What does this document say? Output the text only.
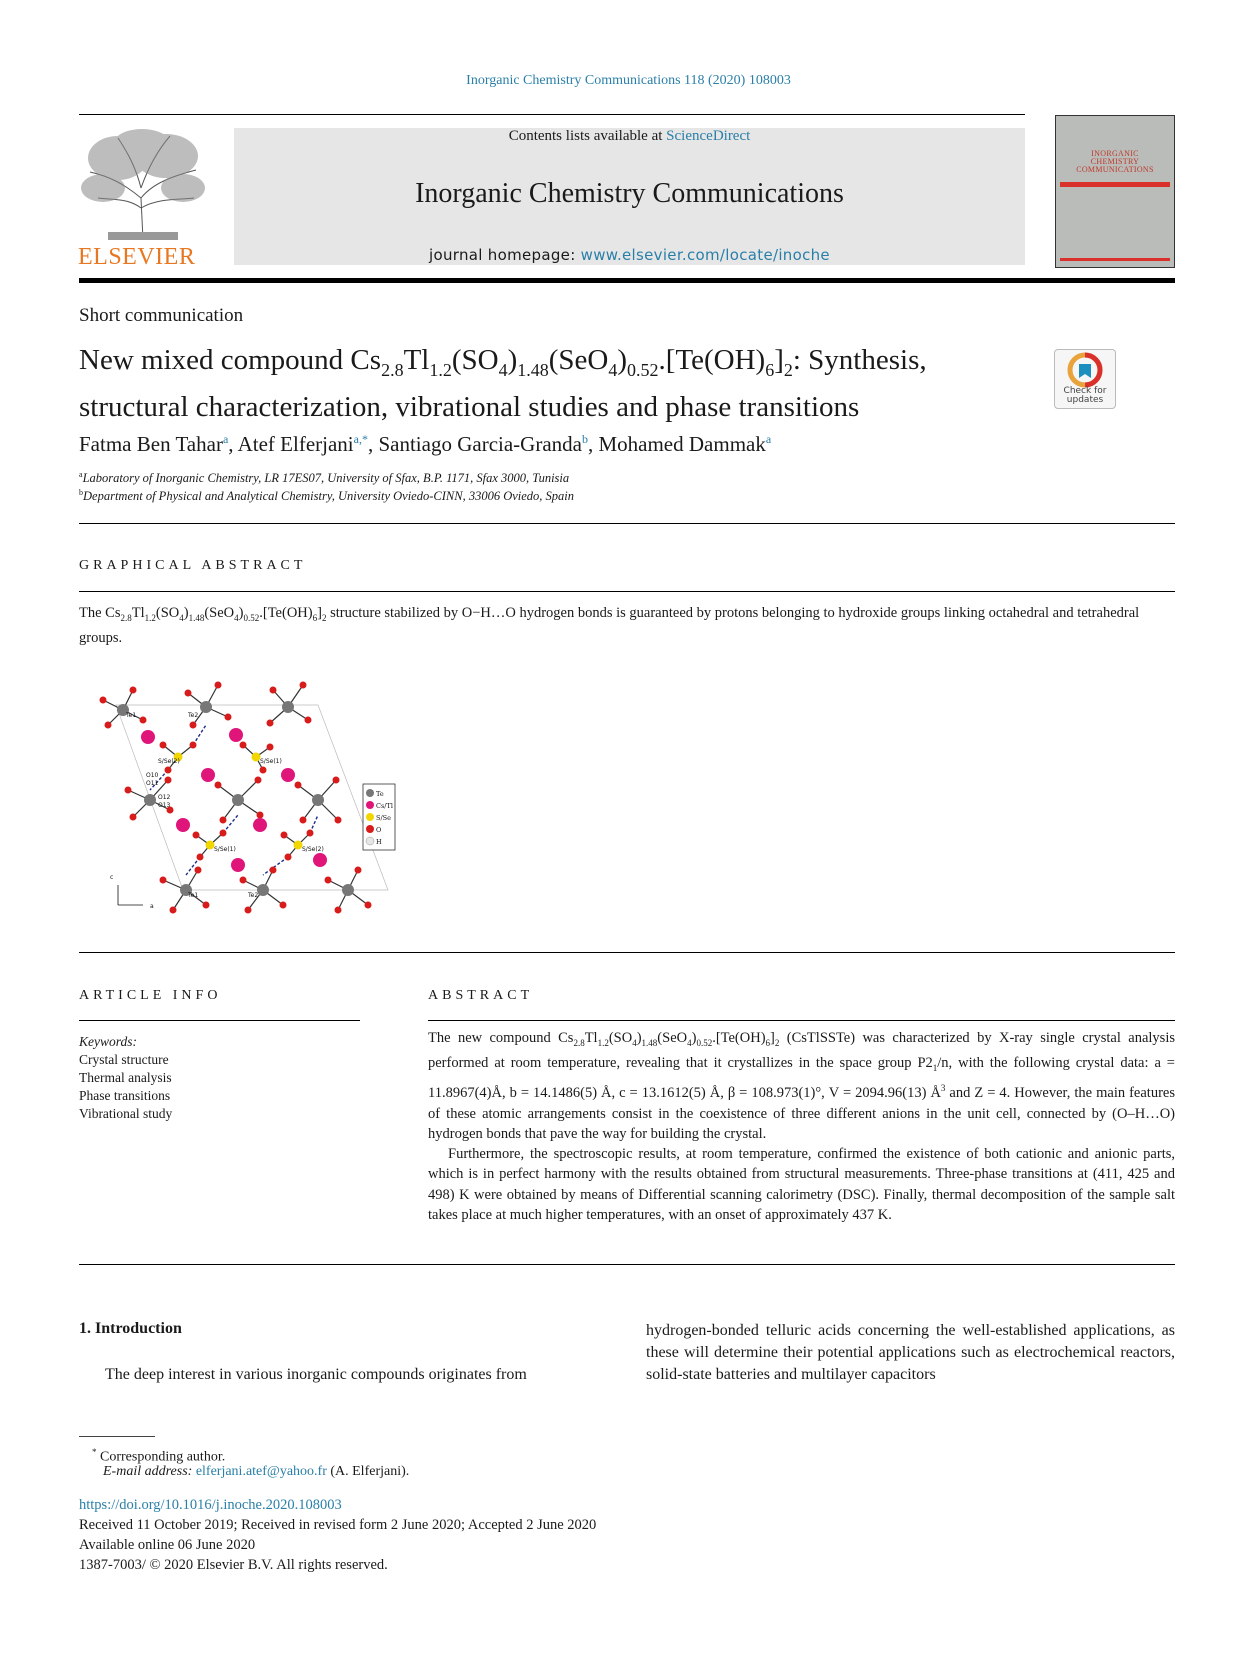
Inorganic Chemistry Communications 118 (2020) 108003
ELSEVIER
Contents lists available at ScienceDirect
Inorganic Chemistry Communications
journal homepage: www.elsevier.com/locate/inoche
INORGANIC
CHEMISTRY
COMMUNICATIONS
Short communication
New mixed compound $Cs_{2.8}Tl_{1.2}(SO_4)_{1.48}(SeO_4)_{0.52}.[Te(OH)_6]_2$: Synthesis, structural characterization, vibrational studies and phase transitions	Check for updates
Fatma Ben Tahar$^a$, Atef Elferjani$^{a,*}$, Santiago Garcia-Granda$^b$, Mohamed Dammak$^a$
$^a$Laboratory of Inorganic Chemistry, LR 17ES07, University of Sfax, B.P. 1171, Sfax 3000, Tunisia
$^b$Department of Physical and Analytical Chemistry, University Oviedo-CINN, 33006 Oviedo, Spain
GRAPHICAL ABSTRACT
The $Cs_{2.8}Tl_{1.2}(SO_4)_{1.48}(SeO_4)_{0.52}.[Te(OH)_6]_2$ structure stabilized by O−H…O hydrogen bonds is guaranteed by protons belonging to hydroxide groups linking octahedral and tetrahedral groups.
Te1	Te2
S/Se(2)	S/Se(1)
S/Se(1)	S/Se(2)
O10
O11
O12
O13
Te1	Te2
c
a
Te
Cs/Tl
S/Se
O
H
ARTICLE INFO	ABSTRACT
Keywords:
Crystal structure
Thermal analysis
Phase transitions
Vibrational study

The new compound $Cs_{2.8}Tl_{1.2}(SO_4)_{1.48}(SeO_4)_{0.52}.[Te(OH)_6]_2$ (CsTlSSTe) was characterized by X-ray single crystal analysis performed at room temperature, revealing that it crystallizes in the space group $P2_1/n$, with the following crystal data: a = 11.8967(4)Å, b = 14.1486(5) Å, c = 13.1612(5) Å, β = 108.973(1)°, V = 2094.96(13) $Å^3$ and Z = 4. However, the main features of these atomic arrangements consist in the coexistence of three different anions in the unit cell, connected by (O–H…O) hydrogen bonds that pave the way for building the crystal.

Furthermore, the spectroscopic results, at room temperature, confirmed the existence of both cationic and anionic parts, which is in perfect harmony with the results obtained from structural measurements. Three-phase transitions at (411, 425 and 498) K were obtained by means of Differential scanning calorimetry (DSC). Finally, thermal decomposition of the sample salt takes place at much higher temperatures, with an onset of approximately 437 K.

1. Introduction
The deep interest in various inorganic compounds originates from
hydrogen-bonded telluric acids concerning the well-established applications, as these will determine their potential applications such as electrochemical reactors, solid-state batteries and multilayer capacitors
* Corresponding author.
E-mail address: elferjani.atef@yahoo.fr (A. Elferjani).
https://doi.org/10.1016/j.inoche.2020.108003
Received 11 October 2019; Received in revised form 2 June 2020; Accepted 2 June 2020
Available online 06 June 2020
1387-7003/ © 2020 Elsevier B.V. All rights reserved.
